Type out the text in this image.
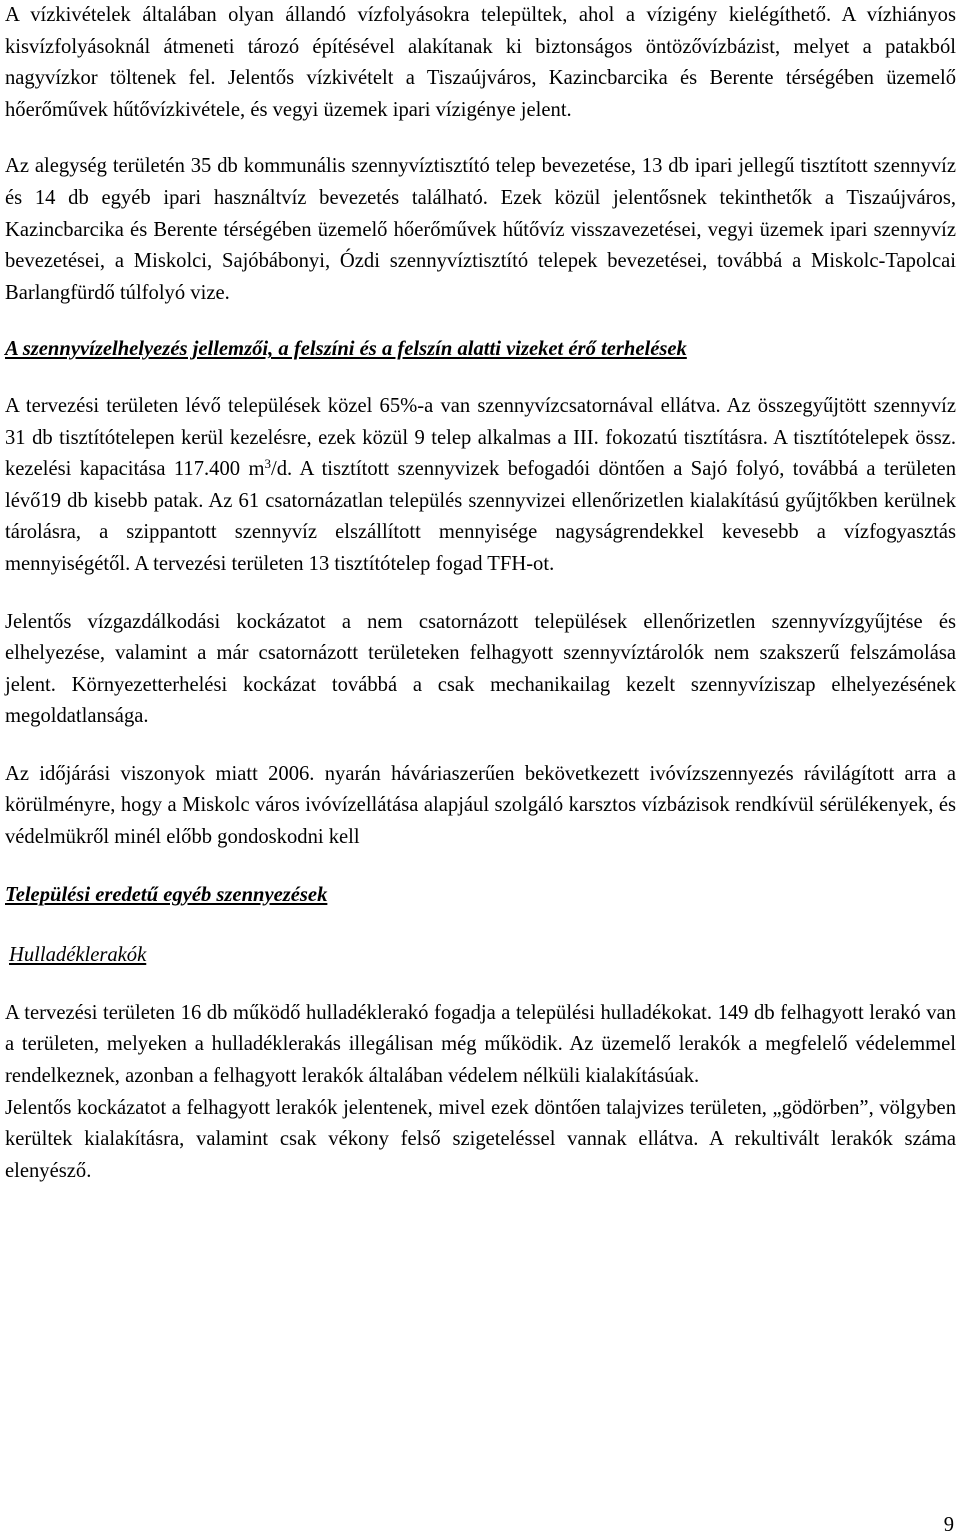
A vízkivételek általában olyan állandó vízfolyásokra települtek, ahol a vízigény kielégíthető. A vízhiányos kisvízfolyásoknál átmeneti tározó építésével alakítanak ki biztonságos öntözővízbázist, melyet a patakból nagyvízkor töltenek fel. Jelentős vízkivételt a Tiszaújváros, Kazincbarcika és Berente térségében üzemelő hőerőművek hűtővízkivétele, és vegyi üzemek ipari vízigénye jelent.

Az alegység területén 35 db kommunális szennyvíztisztító telep bevezetése, 13 db ipari jellegű tisztított szennyvíz és 14 db egyéb ipari használtvíz bevezetés található. Ezek közül jelentősnek tekinthetők a Tiszaújváros, Kazincbarcika és Berente térségében üzemelő hőerőművek hűtővíz visszavezetései, vegyi üzemek ipari szennyvíz bevezetései, a Miskolci, Sajóbábonyi, Ózdi szennyvíztisztító telepek bevezetései, továbbá a Miskolc-Tapolcai Barlangfürdő túlfolyó vize.

A szennyvízelhelyezés jellemzői, a felszíni és a felszín alatti vizeket érő terhelések

A tervezési területen lévő települések közel 65%-a van szennyvízcsatornával ellátva. Az összegyűjtött szennyvíz 31 db tisztítótelepen kerül kezelésre, ezek közül 9 telep alkalmas a III. fokozatú tisztításra. A tisztítótelepek össz. kezelési kapacitása 117.400 $m^3/d$. A tisztított szennyvizek befogadói döntően a Sajó folyó, továbbá a területen lévő19 db kisebb patak. Az 61 csatornázatlan település szennyvizei ellenőrizetlen kialakítású gyűjtőkben kerülnek tárolásra, a szippantott szennyvíz elszállított mennyisége nagyságrendekkel kevesebb a vízfogyasztás mennyiségétől. A tervezési területen 13 tisztítótelep fogad TFH-ot.

Jelentős vízgazdálkodási kockázatot a nem csatornázott települések ellenőrizetlen szennyvízgyűjtése és elhelyezése, valamint a már csatornázott területeken felhagyott szennyvíztárolók nem szakszerű felszámolása jelent. Környezetterhelési kockázat továbbá a csak mechanikailag kezelt szennyvíziszap elhelyezésének megoldatlansága.

Az időjárási viszonyok miatt 2006. nyarán háváriaszerűen bekövetkezett ivóvízszennyezés rávilágított arra a körülményre, hogy a Miskolc város ivóvízellátása alapjául szolgáló karsztos vízbázisok rendkívül sérülékenyek, és védelmükről minél előbb gondoskodni kell

Települési eredetű egyéb szennyezések

Hulladéklerakók

A tervezési területen 16 db működő hulladéklerakó fogadja a települési hulladékokat. 149 db felhagyott lerakó van a területen, melyeken a hulladéklerakás illegálisan még működik. Az üzemelő lerakók a megfelelő védelemmel rendelkeznek, azonban a felhagyott lerakók általában védelem nélküli kialakításúak.
Jelentős kockázatot a felhagyott lerakók jelentenek, mivel ezek döntően talajvizes területen, „gödörben”, völgyben kerültek kialakításra, valamint csak vékony felső szigeteléssel vannak ellátva. A rekultivált lerakók száma elenyésző.

9
